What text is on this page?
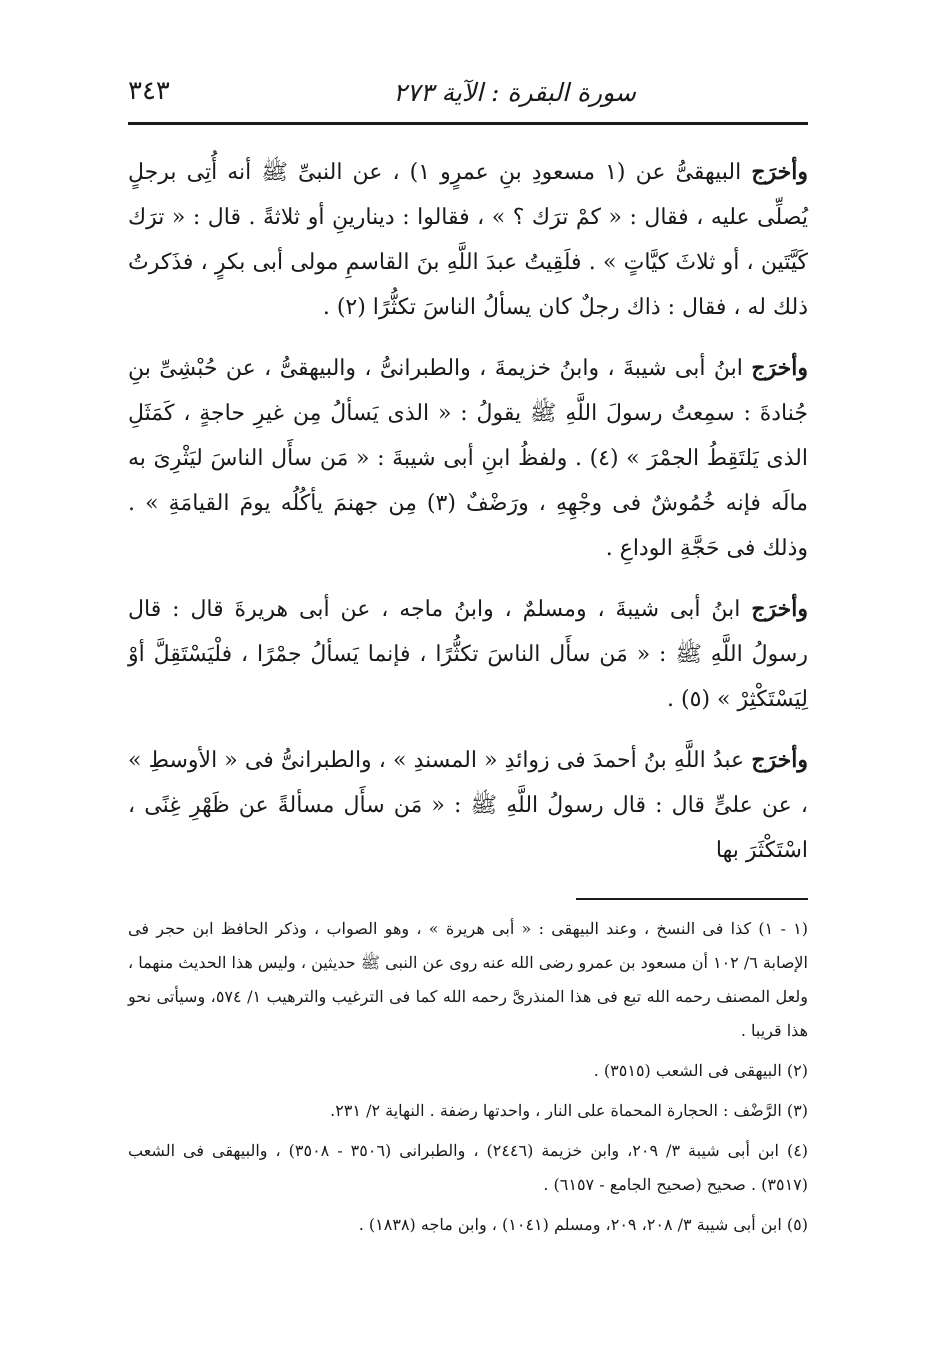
سورة البقرة : الآية ٢٧٣
٣٤٣

وأخرَج البيهقىُّ عن (١ مسعودِ بنِ عمرٍو ١) ، عن النبىِّ ﷺ أنه أُتِى برجلٍ يُصلِّى عليه ، فقال : « كمْ ترَك ؟ » ، فقالوا : دينارينِ أو ثلاثةً . قال : « ترَك كَيَّتَين ، أو ثلاثَ كيَّاتٍ » . فلَقِيتُ عبدَ اللَّهِ بنَ القاسمِ مولى أبى بكرٍ ، فذَكرتُ ذلك له ، فقال : ذاك رجلٌ كان يسألُ الناسَ تكثُّرًا (٢) .

وأخرَج ابنُ أبى شيبةَ ، وابنُ خزيمةَ ، والطبرانىُّ ، والبيهقىُّ ، عن حُبْشِىِّ بنِ جُنادةَ : سمِعتُ رسولَ اللَّهِ ﷺ يقولُ : « الذى يَسألُ مِن غيرِ حاجةٍ ، كَمَثَلِ الذى يَلتَقِطُ الجمْرَ » (٤) . ولفظُ ابنِ أبى شيبةَ : « مَن سأَل الناسَ ليَثْرِىَ به مالَه فإنه خُمُوشٌ فى وجْهِهِ ، ورَضْفٌ (٣) مِن جهنمَ يأكُلُه يومَ القيامَةِ » . وذلك فى حَجَّةِ الوداعِ .

وأخرَج ابنُ أبى شيبةَ ، ومسلمٌ ، وابنُ ماجه ، عن أبى هريرةَ قال : قال رسولُ اللَّهِ ﷺ : « مَن سأَل الناسَ تكثُّرًا ، فإنما يَسألُ جمْرًا ، فلْيَسْتَقِلَّ أوْ لِيَسْتَكْثِرْ » (٥) .

وأخرَج عبدُ اللَّهِ بنُ أحمدَ فى زوائدِ « المسندِ » ، والطبرانىُّ فى « الأوسطِ » ، عن علىٍّ قال : قال رسولُ اللَّهِ ﷺ : « مَن سأَل مسألةً عن ظَهْرِ غِنًى ، اسْتَكْثَرَ بها

(١ - ١) كذا فى النسخ ، وعند البيهقى : « أبى هريرة » ، وهو الصواب ، وذكر الحافظ ابن حجر فى الإصابة ٦/ ١٠٢ أن مسعود بن عمرو رضى الله عنه روى عن النبى ﷺ حديثين ، وليس هذا الحديث منهما ، ولعل المصنف رحمه الله تبع فى هذا المنذرىَّ رحمه الله كما فى الترغيب والترهيب ١/ ٥٧٤، وسيأتى نحو هذا قريبا .

(٢) البيهقى فى الشعب (٣٥١٥) .

(٣) الرَّضْف : الحجارة المحماة على النار ، واحدتها رضفة . النهاية ٢/ ٢٣١.

(٤) ابن أبى شيبة ٣/ ٢٠٩، وابن خزيمة (٢٤٤٦) ، والطبرانى (٣٥٠٦ - ٣٥٠٨) ، والبيهقى فى الشعب (٣٥١٧) . صحيح (صحيح الجامع - ٦١٥٧) .

(٥) ابن أبى شيبة ٣/ ٢٠٨، ٢٠٩، ومسلم (١٠٤١) ، وابن ماجه (١٨٣٨) .
